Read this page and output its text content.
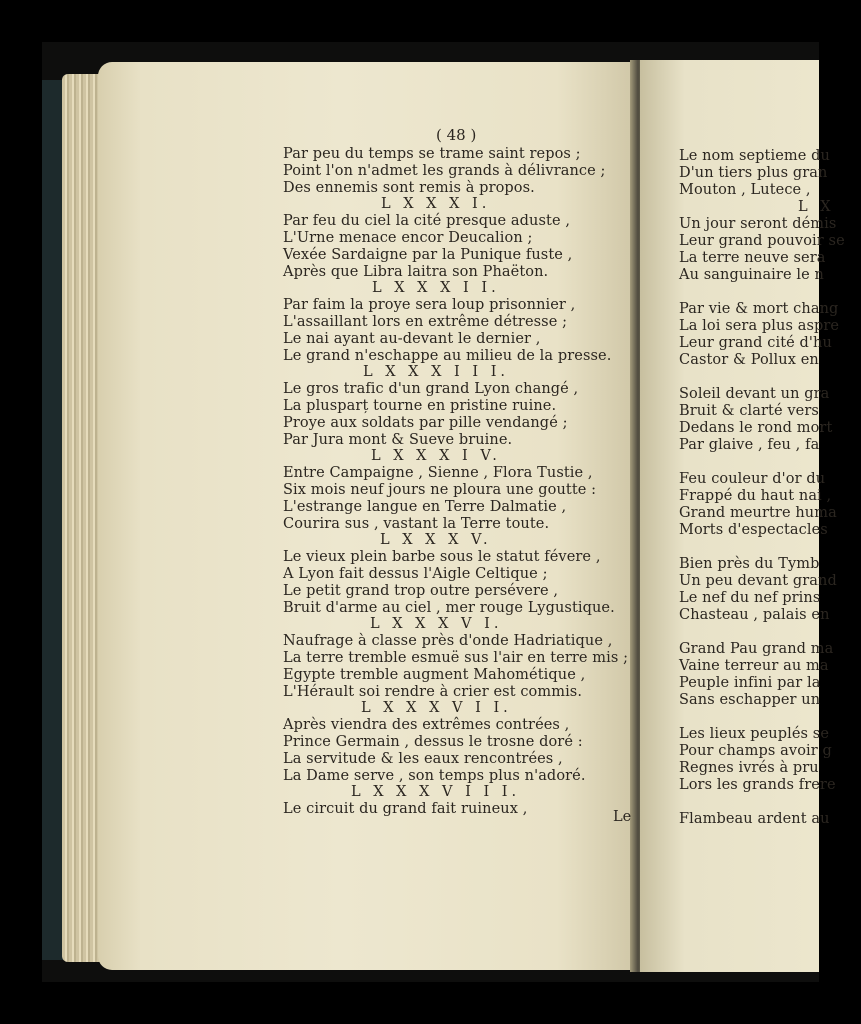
Le nom septieme du
D'un tiers plus gran
Mouton , Lutece ,
L X
Un jour seront démis
Leur grand pouvoir se
La terre neuve sera
Au sanguinaire le n
Par vie & mort chang
La loi sera plus aspre
Leur grand cité d'hu
Castor & Pollux en
Soleil devant un gra
Bruit & clarté vers
Dedans le rond mort
Par glaive , feu , fa
Feu couleur d'or du
Frappé du haut nai ,
Grand meurtre huma
Morts d'espectacles
Bien près du Tymb
Un peu devant grand
Le nef du nef prins
Chasteau , palais en
Grand Pau grand ma
Vaine terreur au ma
Peuple infini par la
Sans eschapper un
Les lieux peuplés se
Pour champs avoir g
Regnes ivrés à pru
Lors les grands frere
Flambeau ardent au
( 48 )
Par peu du temps se trame saint repos ;
Point l'on n'admet les grands à délivrance ;
Des ennemis sont remis à propos.
L X X X I.
Par feu du ciel la cité presque aduste ,
L'Urne menace encor Deucalion ;
Vexée Sardaigne par la Punique fuste ,
Après que Libra laitra son Phaëton.
L X X X I I.
Par faim la proye sera loup prisonnier ,
L'assaillant lors en extrême détresse ;
Le nai ayant au-devant le dernier ,
Le grand n'eschappe au milieu de la presse.
L X X X I I I.
Le gros trafic d'un grand Lyon changé ,
La plusparț tourne en pristine ruine.
Proye aux soldats par pille vendangé ;
Par Jura mont & Sueve bruine.
L X X X I V.
Entre Campaigne , Sienne , Flora Tustie ,
Six mois neuf jours ne ploura une goutte :
L'estrange langue en Terre Dalmatie ,
Courira sus , vastant la Terre toute.
L X X X V.
Le vieux plein barbe sous le statut févere ,
A Lyon fait dessus l'Aigle Celtique ;
Le petit grand trop outre persévere ,
Bruit d'arme au ciel , mer rouge Lygustique.
L X X X V I.
Naufrage à classe près d'onde Hadriatique ,
La terre tremble esmuë sus l'air en terre mis ;
Egypte tremble augment Mahométique ,
L'Hérault soi rendre à crier est commis.
L X X X V I I.
Après viendra des extrêmes contrées ,
Prince Germain , dessus le trosne doré :
La servitude & les eaux rencontrées ,
La Dame serve , son temps plus n'adoré.
L X X X V I I I.
Le circuit du grand fait ruineux ,	Le
